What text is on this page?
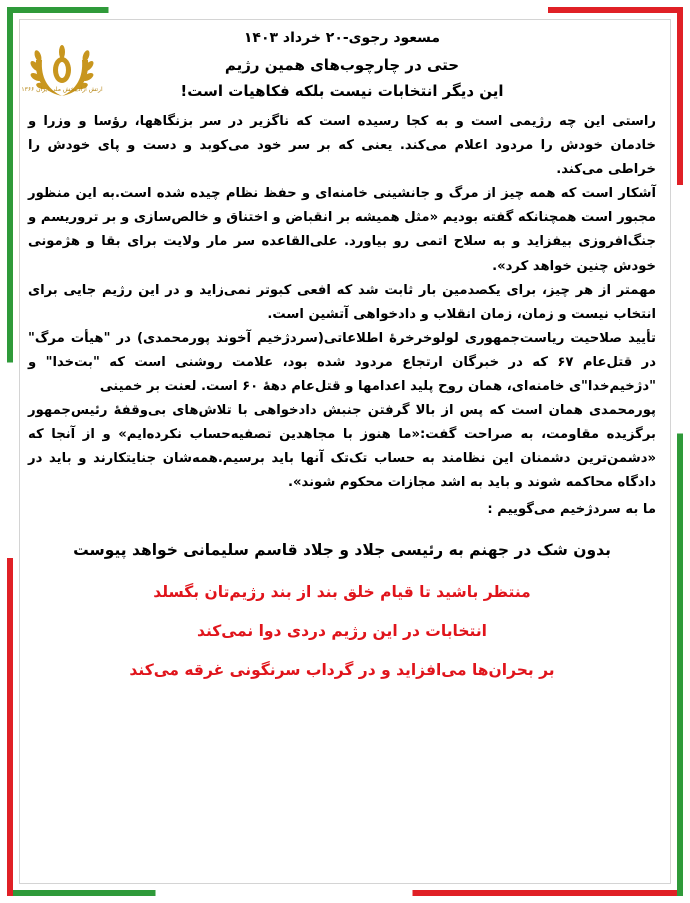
ارتش آزادیبخش ملی ایران ۱۳۶۶
مسعود رجوی-۲۰ خرداد ۱۴۰۳
حتی در چارچوب‌های همین رژیم
این دیگر انتخابات نیست بلکه فکاهیات است!

راستی این چه رژیمی است و به کجا رسیده است که ناگزیر در سر بزنگاهها، رؤسا و وزرا و خادمان خودش را مردود اعلام می‌کند. یعنی که بر سر خود می‌کوبد و دست و پای خودش را خراطی می‌کند.

آشکار است که همه چیز از مرگ و جانشینی خامنه‌ای و حفظ نظام چیده شده است.به این منظور مجبور است همچنانکه گفته بودیم «مثل همیشه بر انقباض و اختناق و خالص‌سازی و بر تروریسم و جنگ‌افروزی بیفزاید و به سلاح اتمی رو بیاورد. علی‌القاعده سر مار ولایت برای بقا و هژمونی خودش چنین خواهد کرد».

مهمتر از هر چیز، برای یکصدمین بار ثابت شد که افعی کبوتر نمی‌زاید و در این رژیم جایی برای انتخاب نیست و زمان، زمان انقلاب و دادخواهی آتشین است.

تأیید صلاحیت ریاست‌جمهوری لولوخرخرهٔ اطلاعاتی(سردژخیم آخوند پورمحمدی) در "هیأت مرگ" در قتل‌عام ۶۷ که در خبرگان ارتجاع مردود شده بود، علامت روشنی است که "بت‌خدا" و "دژخیم‌خدا"ی خامنه‌ای، همان روح پلید اعدامها و قتل‌عام دههٔ ۶۰ است. لعنت بر خمینی

پورمحمدی همان است که پس از بالا گرفتن جنبش دادخواهی با تلاش‌های بی‌وقفهٔ رئیس‌جمهور برگزیده مقاومت، به صراحت گفت:«ما هنوز با مجاهدین تصفیه‌حساب نکرده‌ایم» و از آنجا که «دشمن‌ترین دشمنان این نظامند به حساب تک‌تک آنها باید برسیم.همه‌شان جنایتکارند و باید در دادگاه محاکمه شوند و باید به اشد مجازات محکوم شوند».

ما به سردژخیم می‌گوییم :
بدون شک در جهنم به رئیسی جلاد و جلاد قاسم سلیمانی خواهد پیوست
منتظر باشید تا قیام خلق بند از بند رژیم‌تان بگسلد
انتخابات در این رژیم دردی دوا نمی‌کند
بر بحران‌ها می‌افزاید و در گرداب سرنگونی غرقه می‌کند
